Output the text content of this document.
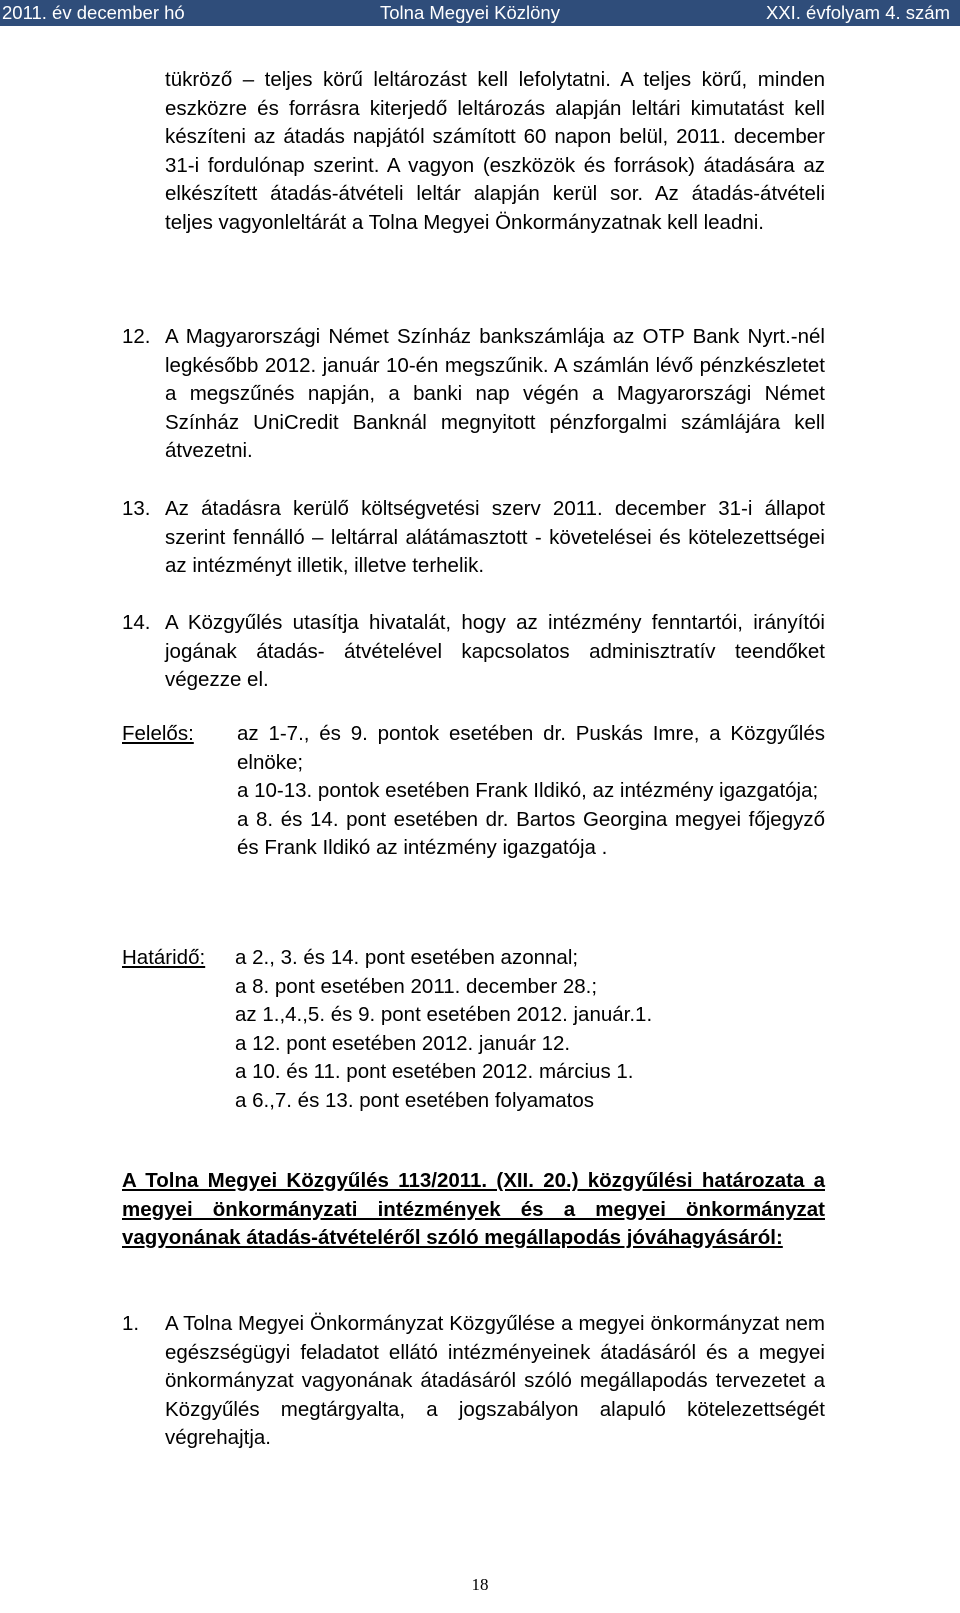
2011. év december hó	Tolna Megyei Közlöny	XXI. évfolyam 4. szám

tükröző – teljes körű leltározást kell lefolytatni. A teljes körű, minden eszközre és forrásra kiterjedő leltározás alapján leltári kimutatást kell készíteni az átadás napjától számított 60 napon belül, 2011. december 31-i fordulónap szerint. A vagyon (eszközök és források) átadására az elkészített átadás-átvételi leltár alapján kerül sor. Az átadás-átvételi teljes vagyonleltárát a Tolna Megyei Önkormányzatnak kell leadni.

12. A Magyarországi Német Színház bankszámlája az OTP Bank Nyrt.-nél legkésőbb 2012. január 10-én megszűnik. A számlán lévő pénzkészletet a megszűnés napján, a banki nap végén a Magyarországi Német Színház UniCredit Banknál megnyitott pénzforgalmi számlájára kell átvezetni.

13. Az átadásra kerülő költségvetési szerv 2011. december 31-i állapot szerint fennálló – leltárral alátámasztott - követelései és kötelezettségei az intézményt illetik, illetve terhelik.

14. A Közgyűlés utasítja hivatalát, hogy az intézmény fenntartói, irányítói jogának átadás- átvételével kapcsolatos adminisztratív teendőket végezze el.

Felelős: az 1-7., és 9. pontok esetében dr. Puskás Imre, a Közgyűlés elnöke;

a 10-13. pontok esetében Frank Ildikó, az intézmény igazgatója;

a 8. és 14. pont esetében dr. Bartos Georgina megyei főjegyző és Frank Ildikó az intézmény igazgatója .

Határidő: a 2., 3. és 14. pont esetében azonnal;

a 8. pont esetében 2011. december 28.;

az 1.,4.,5. és 9. pont esetében 2012. január.1.

a 12. pont esetében 2012. január 12.

a 10. és 11. pont esetében 2012. március 1.

a 6.,7. és 13. pont esetében folyamatos

A Tolna Megyei Közgyűlés 113/2011. (XII. 20.) közgyűlési határozata a megyei önkormányzati intézmények és a megyei önkormányzat vagyonának átadás-átvételéről szóló megállapodás jóváhagyásáról:

1. A Tolna Megyei Önkormányzat Közgyűlése a megyei önkormányzat nem egészségügyi feladatot ellátó intézményeinek átadásáról és a megyei önkormányzat vagyonának átadásáról szóló megállapodás tervezetet a Közgyűlés megtárgyalta, a jogszabályon alapuló kötelezettségét végrehajtja.

18
